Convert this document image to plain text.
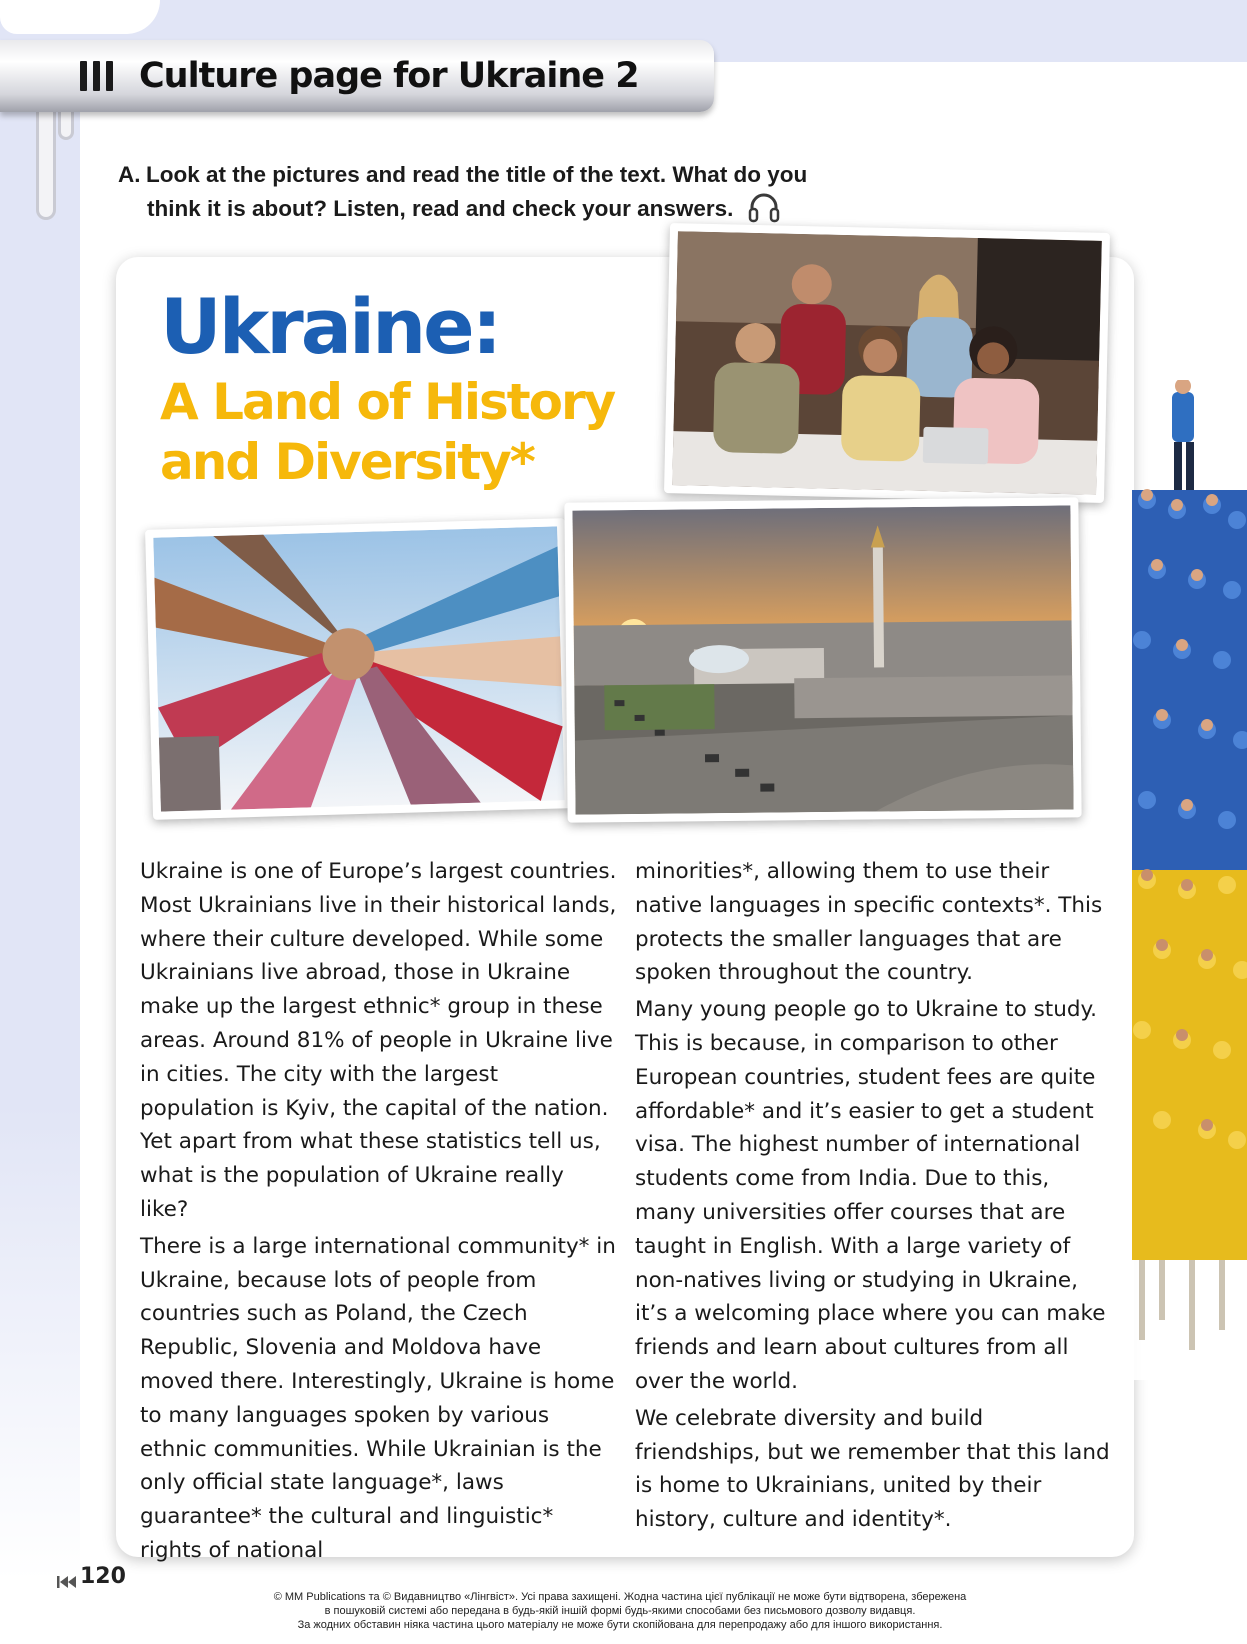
Culture page for Ukraine 2
A. Look at the pictures and read the title of the text. What do you
think it is about? Listen, read and check your answers.
Ukraine:
A Land of History
and Diversity*

Ukraine is one of Europe’s largest countries. Most Ukrainians live in their historical lands, where their culture developed. While some Ukrainians live abroad, those in Ukraine make up the largest ethnic* group in these areas. Around 81% of people in Ukraine live in cities. The city with the largest population is Kyiv, the capital of the nation. Yet apart from what these statistics tell us, what is the population of Ukraine really like?

There is a large international community* in Ukraine, because lots of people from countries such as Poland, the Czech Republic, Slovenia and Moldova have moved there. Interestingly, Ukraine is home to many languages spoken by various ethnic communities. While Ukrainian is the only official state language*, laws guarantee* the cultural and linguistic* rights of national

minorities*, allowing them to use their native languages in specific contexts*. This protects the smaller languages that are spoken throughout the country.

Many young people go to Ukraine to study. This is because, in comparison to other European countries, student fees are quite affordable* and it’s easier to get a student visa. The highest number of international students come from India. Due to this, many universities offer courses that are taught in English. With a large variety of non-natives living or studying in Ukraine, it’s a welcoming place where you can make friends and learn about cultures from all over the world.

We celebrate diversity and build friendships, but we remember that this land is home to Ukrainians, united by their history, culture and identity*.

120
© MM Publications та © Видавництво «Лінгвіст». Усі права захищені. Жодна частина цієї публікації не може бути відтворена, збережена
в пошуковій системі або передана в будь-якій іншій формі будь-якими способами без письмового дозволу видавця.
За жодних обставин ніяка частина цього матеріалу не може бути скопійована для перепродажу або для іншого використання.
